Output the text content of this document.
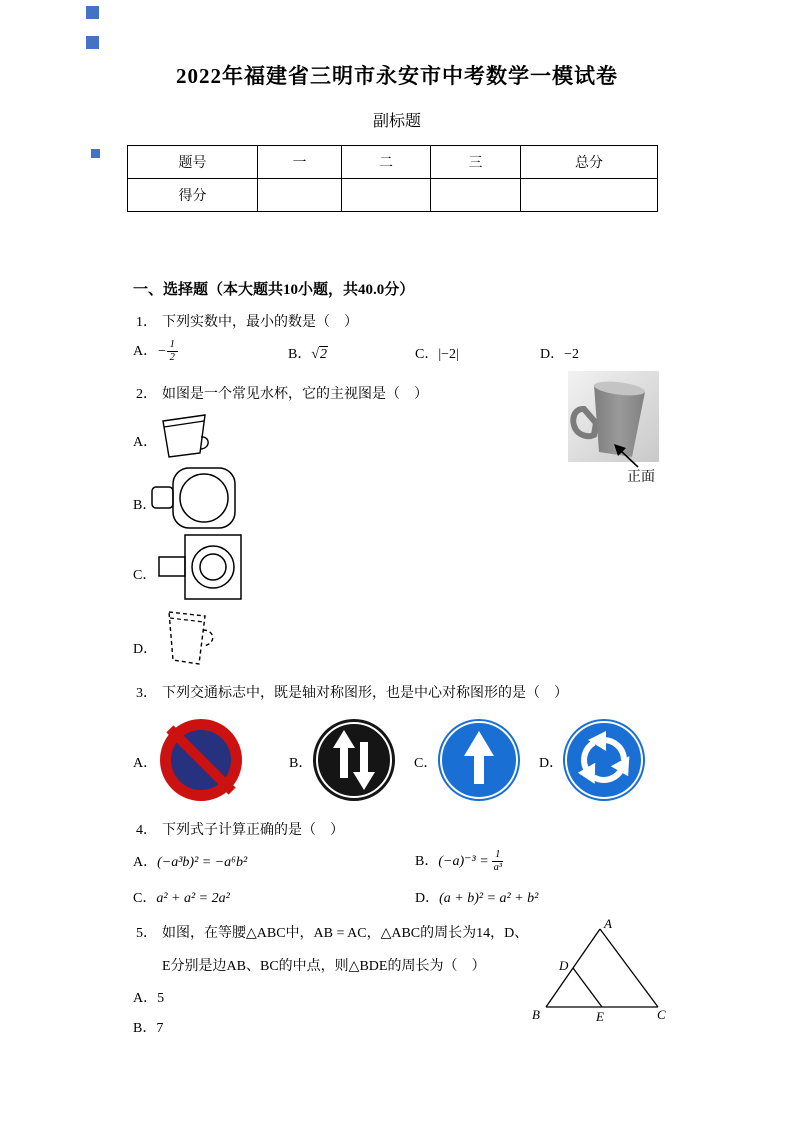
2022年福建省三明市永安市中考数学一模试卷
副标题
题号	一	二	三	总分
得分				
一、选择题（本大题共10小题，共40.0分）
1． 下列实数中，最小的数是（　）
A．− $\frac{1}{2}$	B．√2	C．|−2|	D．−2
2． 如图是一个常见水杯，它的主视图是（　）
正面
A．
B．
C．
D．
3． 下列交通标志中，既是轴对称图形，也是中心对称图形的是（　）
A．	B．	C．	D．
4． 下列式子计算正确的是（　）
A．(−a³b)² = −a⁶b²	B．$(-a)^{-3} = \frac{1}{\text{a³}}$
C．a² + a² = 2a²	D．(a + b)² = a² + b²
5． 如图，在等腰△ABC中，AB = AC，△ABC的周长为14，D、
E分别是边AB、BC的中点，则△BDE的周长为（　）
A
B	C
D
E
A．5
B．7
